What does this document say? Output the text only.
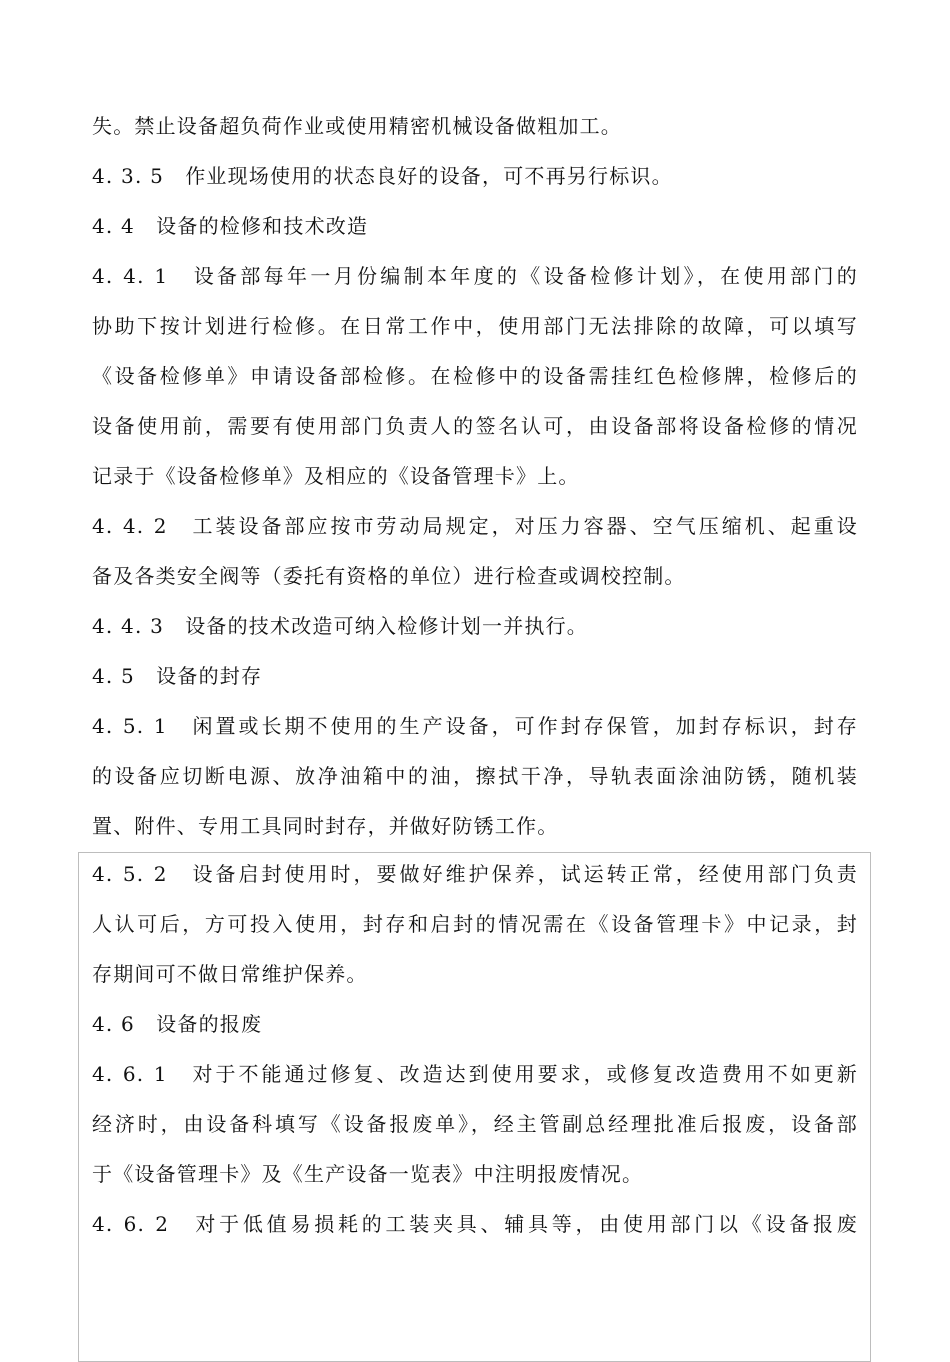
失。禁止设备超负荷作业或使用精密机械设备做粗加工。
4. 3. 5　作业现场使用的状态良好的设备，可不再另行标识。
4. 4　设备的检修和技术改造
4. 4. 1　设备部每年一月份编制本年度的《设备检修计划》，在使用部门的
协助下按计划进行检修。在日常工作中，使用部门无法排除的故障，可以填写
《设备检修单》申请设备部检修。在检修中的设备需挂红色检修牌，检修后的
设备使用前，需要有使用部门负责人的签名认可，由设备部将设备检修的情况
记录于《设备检修单》及相应的《设备管理卡》上。
4. 4. 2　工装设备部应按市劳动局规定，对压力容器、空气压缩机、起重设
备及各类安全阀等（委托有资格的单位）进行检查或调校控制。
4. 4. 3　设备的技术改造可纳入检修计划一并执行。
4. 5　设备的封存
4. 5. 1　闲置或长期不使用的生产设备，可作封存保管，加封存标识，封存
的设备应切断电源、放净油箱中的油，擦拭干净，导轨表面涂油防锈，随机装
置、附件、专用工具同时封存，并做好防锈工作。
4. 5. 2　设备启封使用时，要做好维护保养，试运转正常，经使用部门负责
人认可后，方可投入使用，封存和启封的情况需在《设备管理卡》中记录，封
存期间可不做日常维护保养。
4. 6　设备的报废
4. 6. 1　对于不能通过修复、改造达到使用要求，或修复改造费用不如更新
经济时，由设备科填写《设备报废单》，经主管副总经理批准后报废，设备部
于《设备管理卡》及《生产设备一览表》中注明报废情况。
4. 6. 2　对于低值易损耗的工装夹具、辅具等，由使用部门以《设备报废
